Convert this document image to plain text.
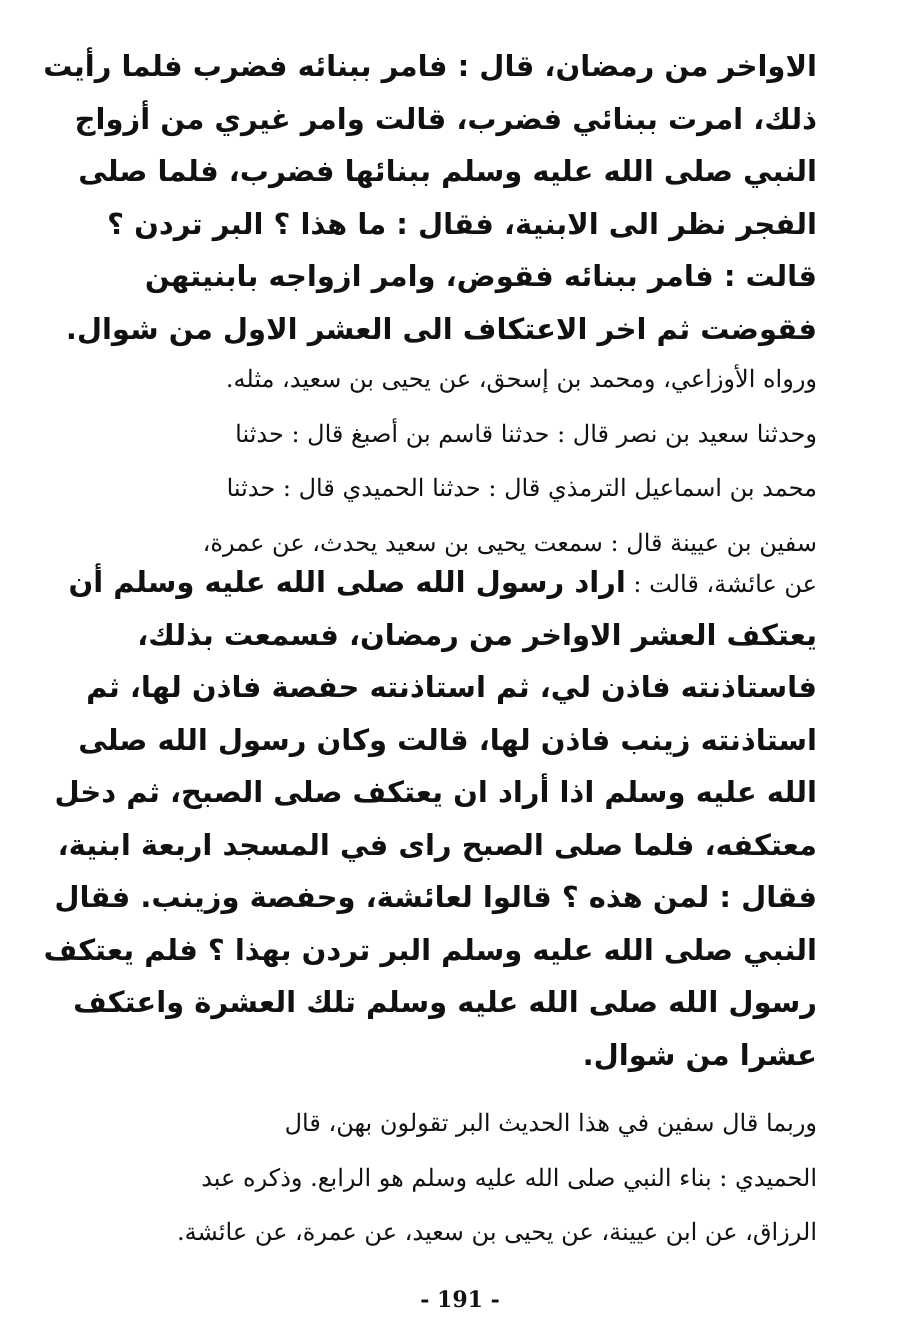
الاواخر من رمضان، قال : فامر ببنائه فضرب فلما رأيت

ذلك، امرت ببنائي فضرب، قالت وامر غيري من أزواج

النبي صلى الله عليه وسلم ببنائها فضرب، فلما صلى

الفجر نظر الى الابنية، فقال : ما هذا ؟ البر تردن ؟

قالت : فامر ببنائه فقوض، وامر ازواجه بابنيتهن

فقوضت ثم اخر الاعتكاف الى العشر الاول من شوال.

ورواه الأوزاعي، ومحمد بن إسحق، عن يحيى بن سعيد، مثله.

وحدثنا سعيد بن نصر قال : حدثنا قاسم بن أصبغ قال : حدثنا

محمد بن اسماعيل الترمذي قال : حدثنا الحميدي قال : حدثنا

سفين بن عيينة قال : سمعت يحيى بن سعيد يحدث، عن عمرة،

عن عائشة، قالت : اراد رسول الله صلى الله عليه وسلم أن

يعتكف العشر الاواخر من رمضان، فسمعت بذلك،

فاستاذنته فاذن لي، ثم استاذنته حفصة فاذن لها، ثم

استاذنته زينب فاذن لها، قالت وكان رسول الله صلى

الله عليه وسلم اذا أراد ان يعتكف صلى الصبح، ثم دخل

معتكفه، فلما صلى الصبح راى في المسجد اربعة ابنية،

فقال : لمن هذه ؟ قالوا لعائشة، وحفصة وزينب. فقال

النبي صلى الله عليه وسلم البر تردن بهذا ؟ فلم يعتكف

رسول الله صلى الله عليه وسلم تلك العشرة واعتكف

عشرا من شوال.

وربما قال سفين في هذا الحديث البر تقولون بهن، قال

الحميدي : بناء النبي صلى الله عليه وسلم هو الرابع. وذكره عبد

الرزاق، عن ابن عيينة، عن يحيى بن سعيد، عن عمرة، عن عائشة.

- 191 -
